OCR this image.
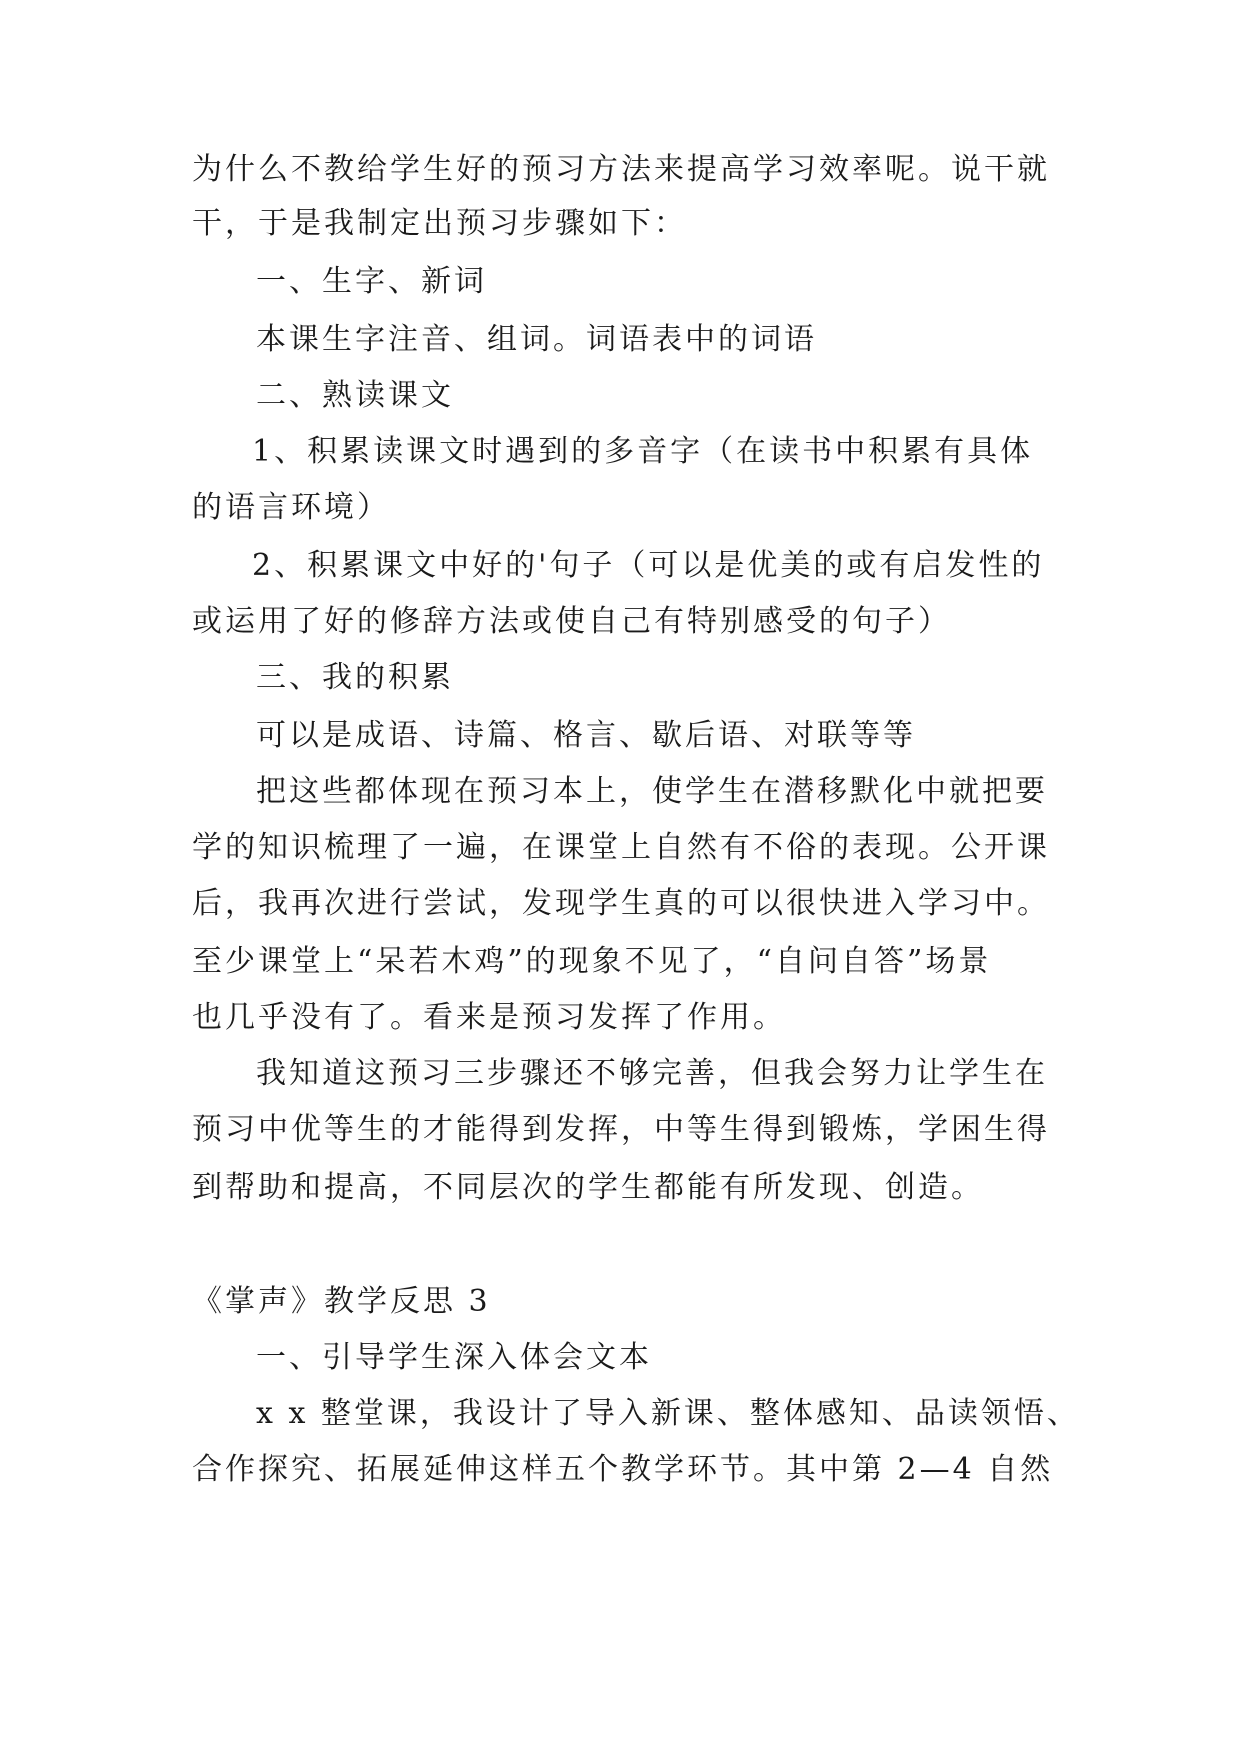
为什么不教给学生好的预习方法来提高学习效率呢。说干就
干，于是我制定出预习步骤如下：
一、生字、新词
本课生字注音、组词。词语表中的词语
二、熟读课文
1、积累读课文时遇到的多音字（在读书中积累有具体
的语言环境）
2、积累课文中好的'句子（可以是优美的或有启发性的
或运用了好的修辞方法或使自己有特别感受的句子）
三、我的积累
可以是成语、诗篇、格言、歇后语、对联等等
把这些都体现在预习本上，使学生在潜移默化中就把要
学的知识梳理了一遍，在课堂上自然有不俗的表现。公开课
后，我再次进行尝试，发现学生真的可以很快进入学习中。
至少课堂上“呆若木鸡”的现象不见了，“自问自答”场景
也几乎没有了。看来是预习发挥了作用。
我知道这预习三步骤还不够完善，但我会努力让学生在
预习中优等生的才能得到发挥，中等生得到锻炼，学困生得
到帮助和提高，不同层次的学生都能有所发现、创造。
《掌声》教学反思 3
一、引导学生深入体会文本
x x 整堂课，我设计了导入新课、整体感知、品读领悟、
合作探究、拓展延伸这样五个教学环节。其中第 2—4 自然
